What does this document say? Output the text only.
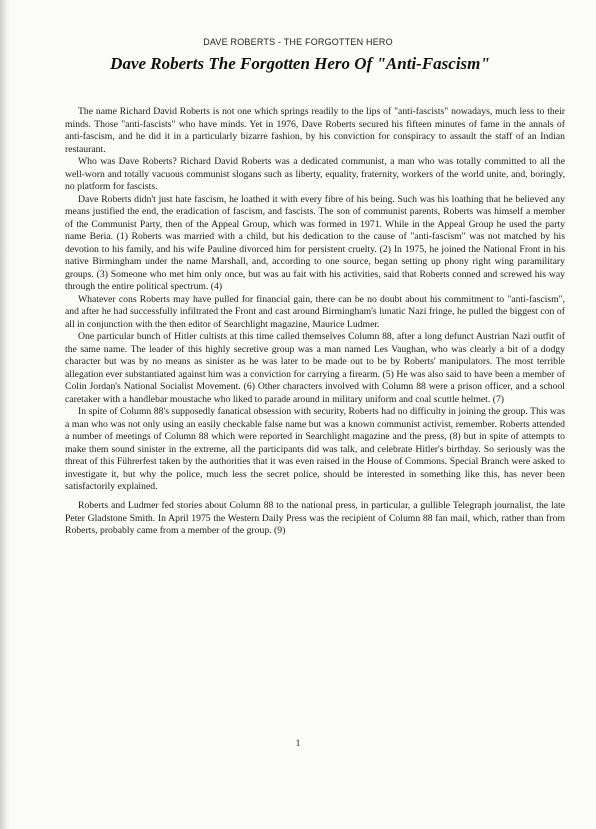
DAVE ROBERTS - THE FORGOTTEN HERO
Dave Roberts The Forgotten Hero Of "Anti-Fascism"

The name Richard David Roberts is not one which springs readily to the lips of "anti-fascists" nowadays, much less to their minds. Those "anti-fascists" who have minds. Yet in 1976, Dave Roberts secured his fifteen minutes of fame in the annals of anti-fascism, and he did it in a particularly bizarre fashion, by his conviction for conspiracy to assault the staff of an Indian restaurant.

Who was Dave Roberts? Richard David Roberts was a dedicated communist, a man who was totally committed to all the well-worn and totally vacuous communist slogans such as liberty, equality, fraternity, workers of the world unite, and, boringly, no platform for fascists.

Dave Roberts didn't just hate fascism, he loathed it with every fibre of his being. Such was his loathing that he believed any means justified the end, the eradication of fascism, and fascists. The son of communist parents, Roberts was himself a member of the Communist Party, then of the Appeal Group, which was formed in 1971. While in the Appeal Group he used the party name Beria. (1) Roberts was married with a child, but his dedication to the cause of "anti-fascism" was not matched by his devotion to his family, and his wife Pauline divorced him for persistent cruelty. (2) In 1975, he joined the National Front in his native Birmingham under the name Marshall, and, according to one source, began setting up phony right wing paramilitary groups. (3) Someone who met him only once, but was au fait with his activities, said that Roberts conned and screwed his way through the entire political spectrum. (4)

Whatever cons Roberts may have pulled for financial gain, there can be no doubt about his commitment to "anti-fascism", and after he had successfully infiltrated the Front and cast around Birmingham's lunatic Nazi fringe, he pulled the biggest con of all in conjunction with the then editor of Searchlight magazine, Maurice Ludmer.

One particular bunch of Hitler cultists at this time called themselves Column 88, after a long defunct Austrian Nazi outfit of the same name. The leader of this highly secretive group was a man named Les Vaughan, who was clearly a bit of a dodgy character but was by no means as sinister as he was later to be made out to be by Roberts' manipulators. The most terrible allegation ever substantiated against him was a conviction for carrying a firearm. (5) He was also said to have been a member of Colin Jordan's National Socialist Movement. (6) Other characters involved with Column 88 were a prison officer, and a school caretaker with a handlebar moustache who liked to parade around in military uniform and coal scuttle helmet. (7)

In spite of Column 88's supposedly fanatical obsession with security, Roberts had no difficulty in joining the group. This was a man who was not only using an easily checkable false name but was a known communist activist, remember. Roberts attended a number of meetings of Column 88 which were reported in Searchlight magazine and the press, (8) but in spite of attempts to make them sound sinister in the extreme, all the participants did was talk, and celebrate Hitler's birthday. So seriously was the threat of this Führerfest taken by the authorities that it was even raised in the House of Commons. Special Branch were asked to investigate it, but why the police, much less the secret police, should be interested in something like this, has never been satisfactorily explained.

Roberts and Ludmer fed stories about Column 88 to the national press, in particular, a gullible Telegraph journalist, the late Peter Gladstone Smith. In April 1975 the Western Daily Press was the recipient of Column 88 fan mail, which, rather than from Roberts, probably came from a member of the group. (9)

1
